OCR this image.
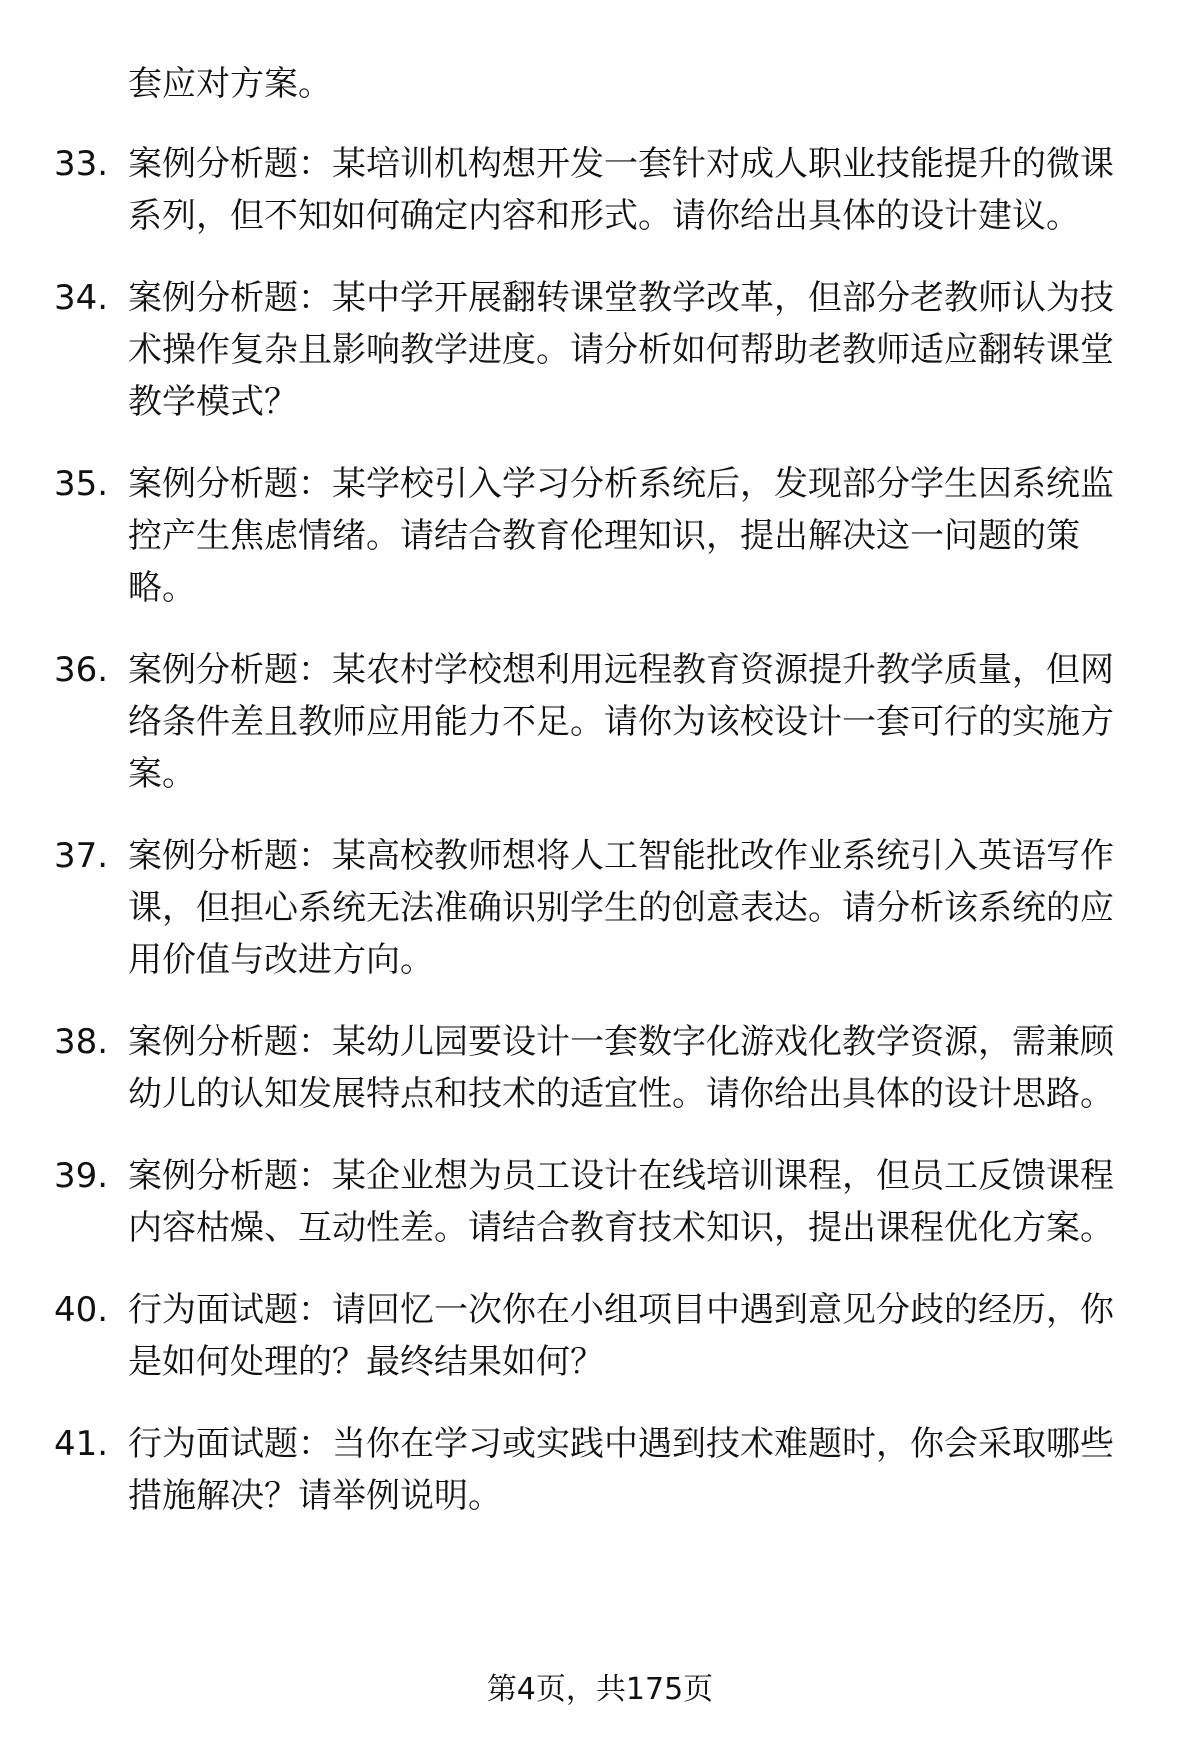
套应对方案。
33. 案例分析题：某培训机构想开发一套针对成人职业技能提升的微课系列，但不知如何确定内容和形式。请你给出具体的设计建议。
34. 案例分析题：某中学开展翻转课堂教学改革，但部分老教师认为技术操作复杂且影响教学进度。请分析如何帮助老教师适应翻转课堂教学模式？
35. 案例分析题：某学校引入学习分析系统后，发现部分学生因系统监控产生焦虑情绪。请结合教育伦理知识，提出解决这一问题的策略。
36. 案例分析题：某农村学校想利用远程教育资源提升教学质量，但网络条件差且教师应用能力不足。请你为该校设计一套可行的实施方案。
37. 案例分析题：某高校教师想将人工智能批改作业系统引入英语写作课，但担心系统无法准确识别学生的创意表达。请分析该系统的应用价值与改进方向。
38. 案例分析题：某幼儿园要设计一套数字化游戏化教学资源，需兼顾幼儿的认知发展特点和技术的适宜性。请你给出具体的设计思路。
39. 案例分析题：某企业想为员工设计在线培训课程，但员工反馈课程内容枯燥、互动性差。请结合教育技术知识，提出课程优化方案。
40. 行为面试题：请回忆一次你在小组项目中遇到意见分歧的经历，你是如何处理的？最终结果如何？
41. 行为面试题：当你在学习或实践中遇到技术难题时，你会采取哪些措施解决？请举例说明。
第4页，共175页
